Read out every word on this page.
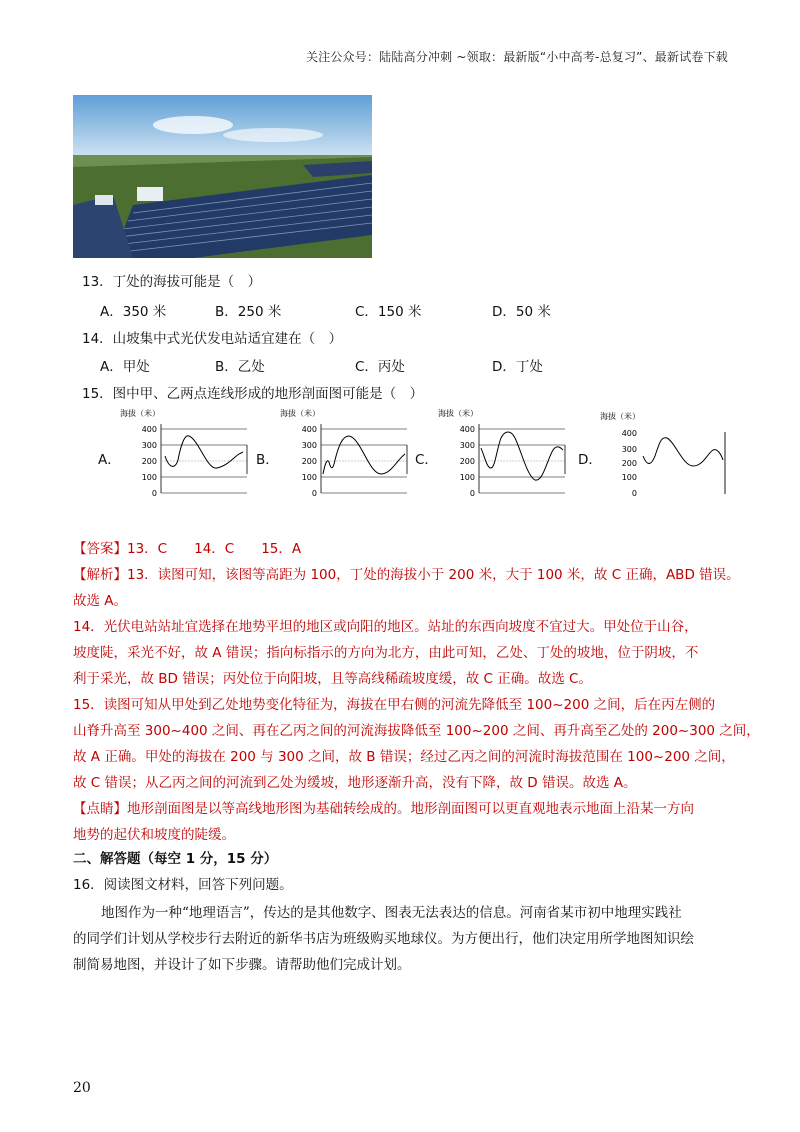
关注公众号：陆陆高分冲刺 ~领取：最新版“小中高考-总复习”、最新试卷下载
13．丁处的海拔可能是（　）
A．350 米	B．250 米	C．150 米	D．50 米
14．山坡集中式光伏发电站适宜建在（　）
A．甲处	B．乙处	C．丙处	D．丁处
15．图中甲、乙两点连线形成的地形剖面图可能是（　）
A．	B．	C．	D．
海拔（米）
400
300
200
100
0
海拔（米）
400
300
200
100
0
海拔（米）
400
300
200
100
0
海拔（米）
400
300
200
100
0
【答案】13．C　　14．C　　15．A
【解析】13．读图可知，该图等高距为 100，丁处的海拔小于 200 米，大于 100 米，故 C 正确，ABD 错误。
故选 A。
14．光伏电站站址宜选择在地势平坦的地区或向阳的地区。站址的东西向坡度不宜过大。甲处位于山谷，
坡度陡，采光不好，故 A 错误；指向标指示的方向为北方，由此可知，乙处、丁处的坡地，位于阴坡，不
利于采光，故 BD 错误；丙处位于向阳坡，且等高线稀疏坡度缓，故 C 正确。故选 C。
15．读图可知从甲处到乙处地势变化特征为，海拔在甲右侧的河流先降低至 100~200 之间，后在丙左侧的
山脊升高至 300~400 之间、再在乙丙之间的河流海拔降低至 100~200 之间、再升高至乙处的 200~300 之间，
故 A 正确。甲处的海拔在 200 与 300 之间，故 B 错误；经过乙丙之间的河流时海拔范围在 100~200 之间，
故 C 错误；从乙丙之间的河流到乙处为缓坡，地形逐渐升高，没有下降，故 D 错误。故选 A。
【点睛】地形剖面图是以等高线地形图为基础转绘成的。地形剖面图可以更直观地表示地面上沿某一方向
地势的起伏和坡度的陡缓。
二、解答题（每空 1 分，15 分）
16．阅读图文材料，回答下列问题。
地图作为一种“地理语言”，传达的是其他数字、图表无法表达的信息。河南省某市初中地理实践社
的同学们计划从学校步行去附近的新华书店为班级购买地球仪。为方便出行，他们决定用所学地图知识绘
制简易地图，并设计了如下步骤。请帮助他们完成计划。
20
